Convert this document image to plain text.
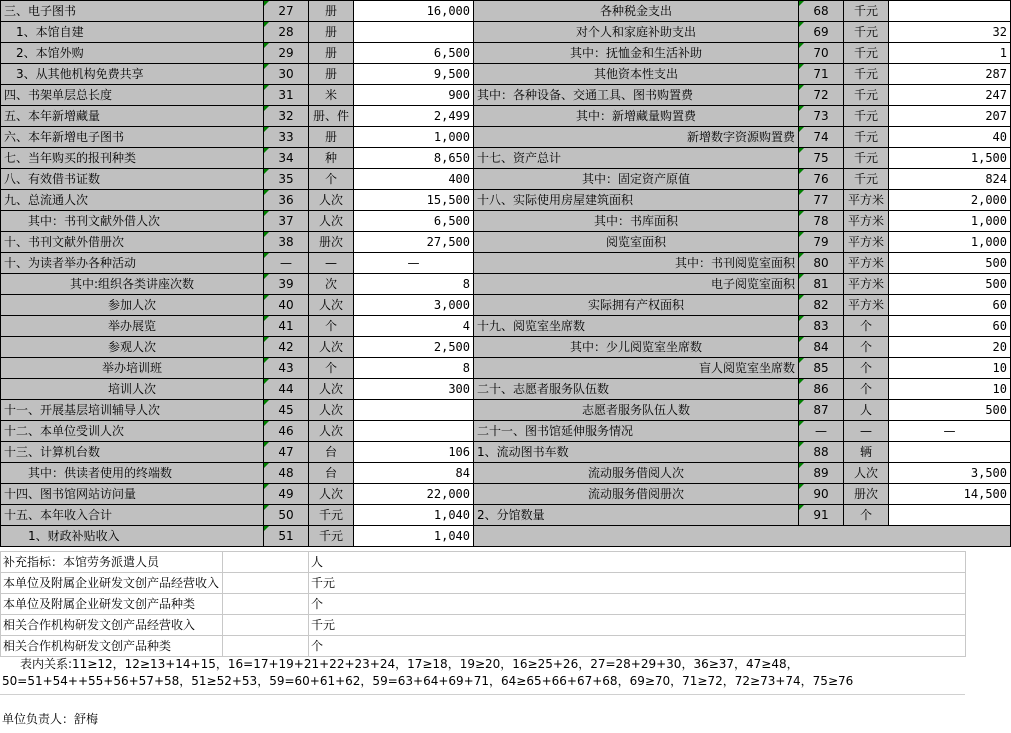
三、电子图书	27	册	16,000	各种税金支出	68	千元	
　1、本馆自建	28	册		对个人和家庭补助支出	69	千元	32
　2、本馆外购	29	册	6,500	其中：抚恤金和生活补助	70	千元	1
　3、从其他机构免费共享	30	册	9,500	其他资本性支出	71	千元	287
四、书架单层总长度	31	米	900	其中：各种设备、交通工具、图书购置费	72	千元	247
五、本年新增藏量	32	册、件	2,499	其中：新增藏量购置费	73	千元	207
六、本年新增电子图书	33	册	1,000	新增数字资源购置费	74	千元	40
七、当年购买的报刊种类	34	种	8,650	十七、资产总计	75	千元	1,500
八、有效借书证数	35	个	400	其中：固定资产原值	76	千元	824
九、总流通人次	36	人次	15,500	十八、实际使用房屋建筑面积	77	平方米	2,000
　　其中：书刊文献外借人次	37	人次	6,500	其中：书库面积	78	平方米	1,000
十、书刊文献外借册次	38	册次	27,500	阅览室面积	79	平方米	1,000
十、为读者举办各种活动	—	—	—	其中：书刊阅览室面积	80	平方米	500
其中:组织各类讲座次数	39	次	8	电子阅览室面积	81	平方米	500
参加人次	40	人次	3,000	实际拥有产权面积	82	平方米	60
举办展览	41	个	4	十九、阅览室坐席数	83	个	60
参观人次	42	人次	2,500	其中：少儿阅览室坐席数	84	个	20
举办培训班	43	个	8	盲人阅览室坐席数	85	个	10
培训人次	44	人次	300	二十、志愿者服务队伍数	86	个	10
十一、开展基层培训辅导人次	45	人次		志愿者服务队伍人数	87	人	500
十二、本单位受训人次	46	人次		二十一、图书馆延伸服务情况	—	—	—
十三、计算机台数	47	台	106	1、流动图书车数	88	辆	
　　其中：供读者使用的终端数	48	台	84	流动服务借阅人次	89	人次	3,500
十四、图书馆网站访问量	49	人次	22,000	流动服务借阅册次	90	册次	14,500
十五、本年收入合计	50	千元	1,040	2、分馆数量	91	个	
　　1、财政补贴收入	51	千元	1,040				
补充指标：本馆劳务派遣人员		人
本单位及附属企业研发文创产品经营收入		千元
本单位及附属企业研发文创产品种类		个
相关合作机构研发文创产品经营收入		千元
相关合作机构研发文创产品种类		个
表内关系:11≥12，12≥13+14+15，16=17+19+21+22+23+24，17≥18，19≥20，16≥25+26，27=28+29+30，36≥37，47≥48，50=51+54++55+56+57+58，51≥52+53，59=60+61+62，59=63+64+69+71，64≥65+66+67+68，69≥70，71≥72，72≥73+74，75≥76
单位负责人：舒梅
